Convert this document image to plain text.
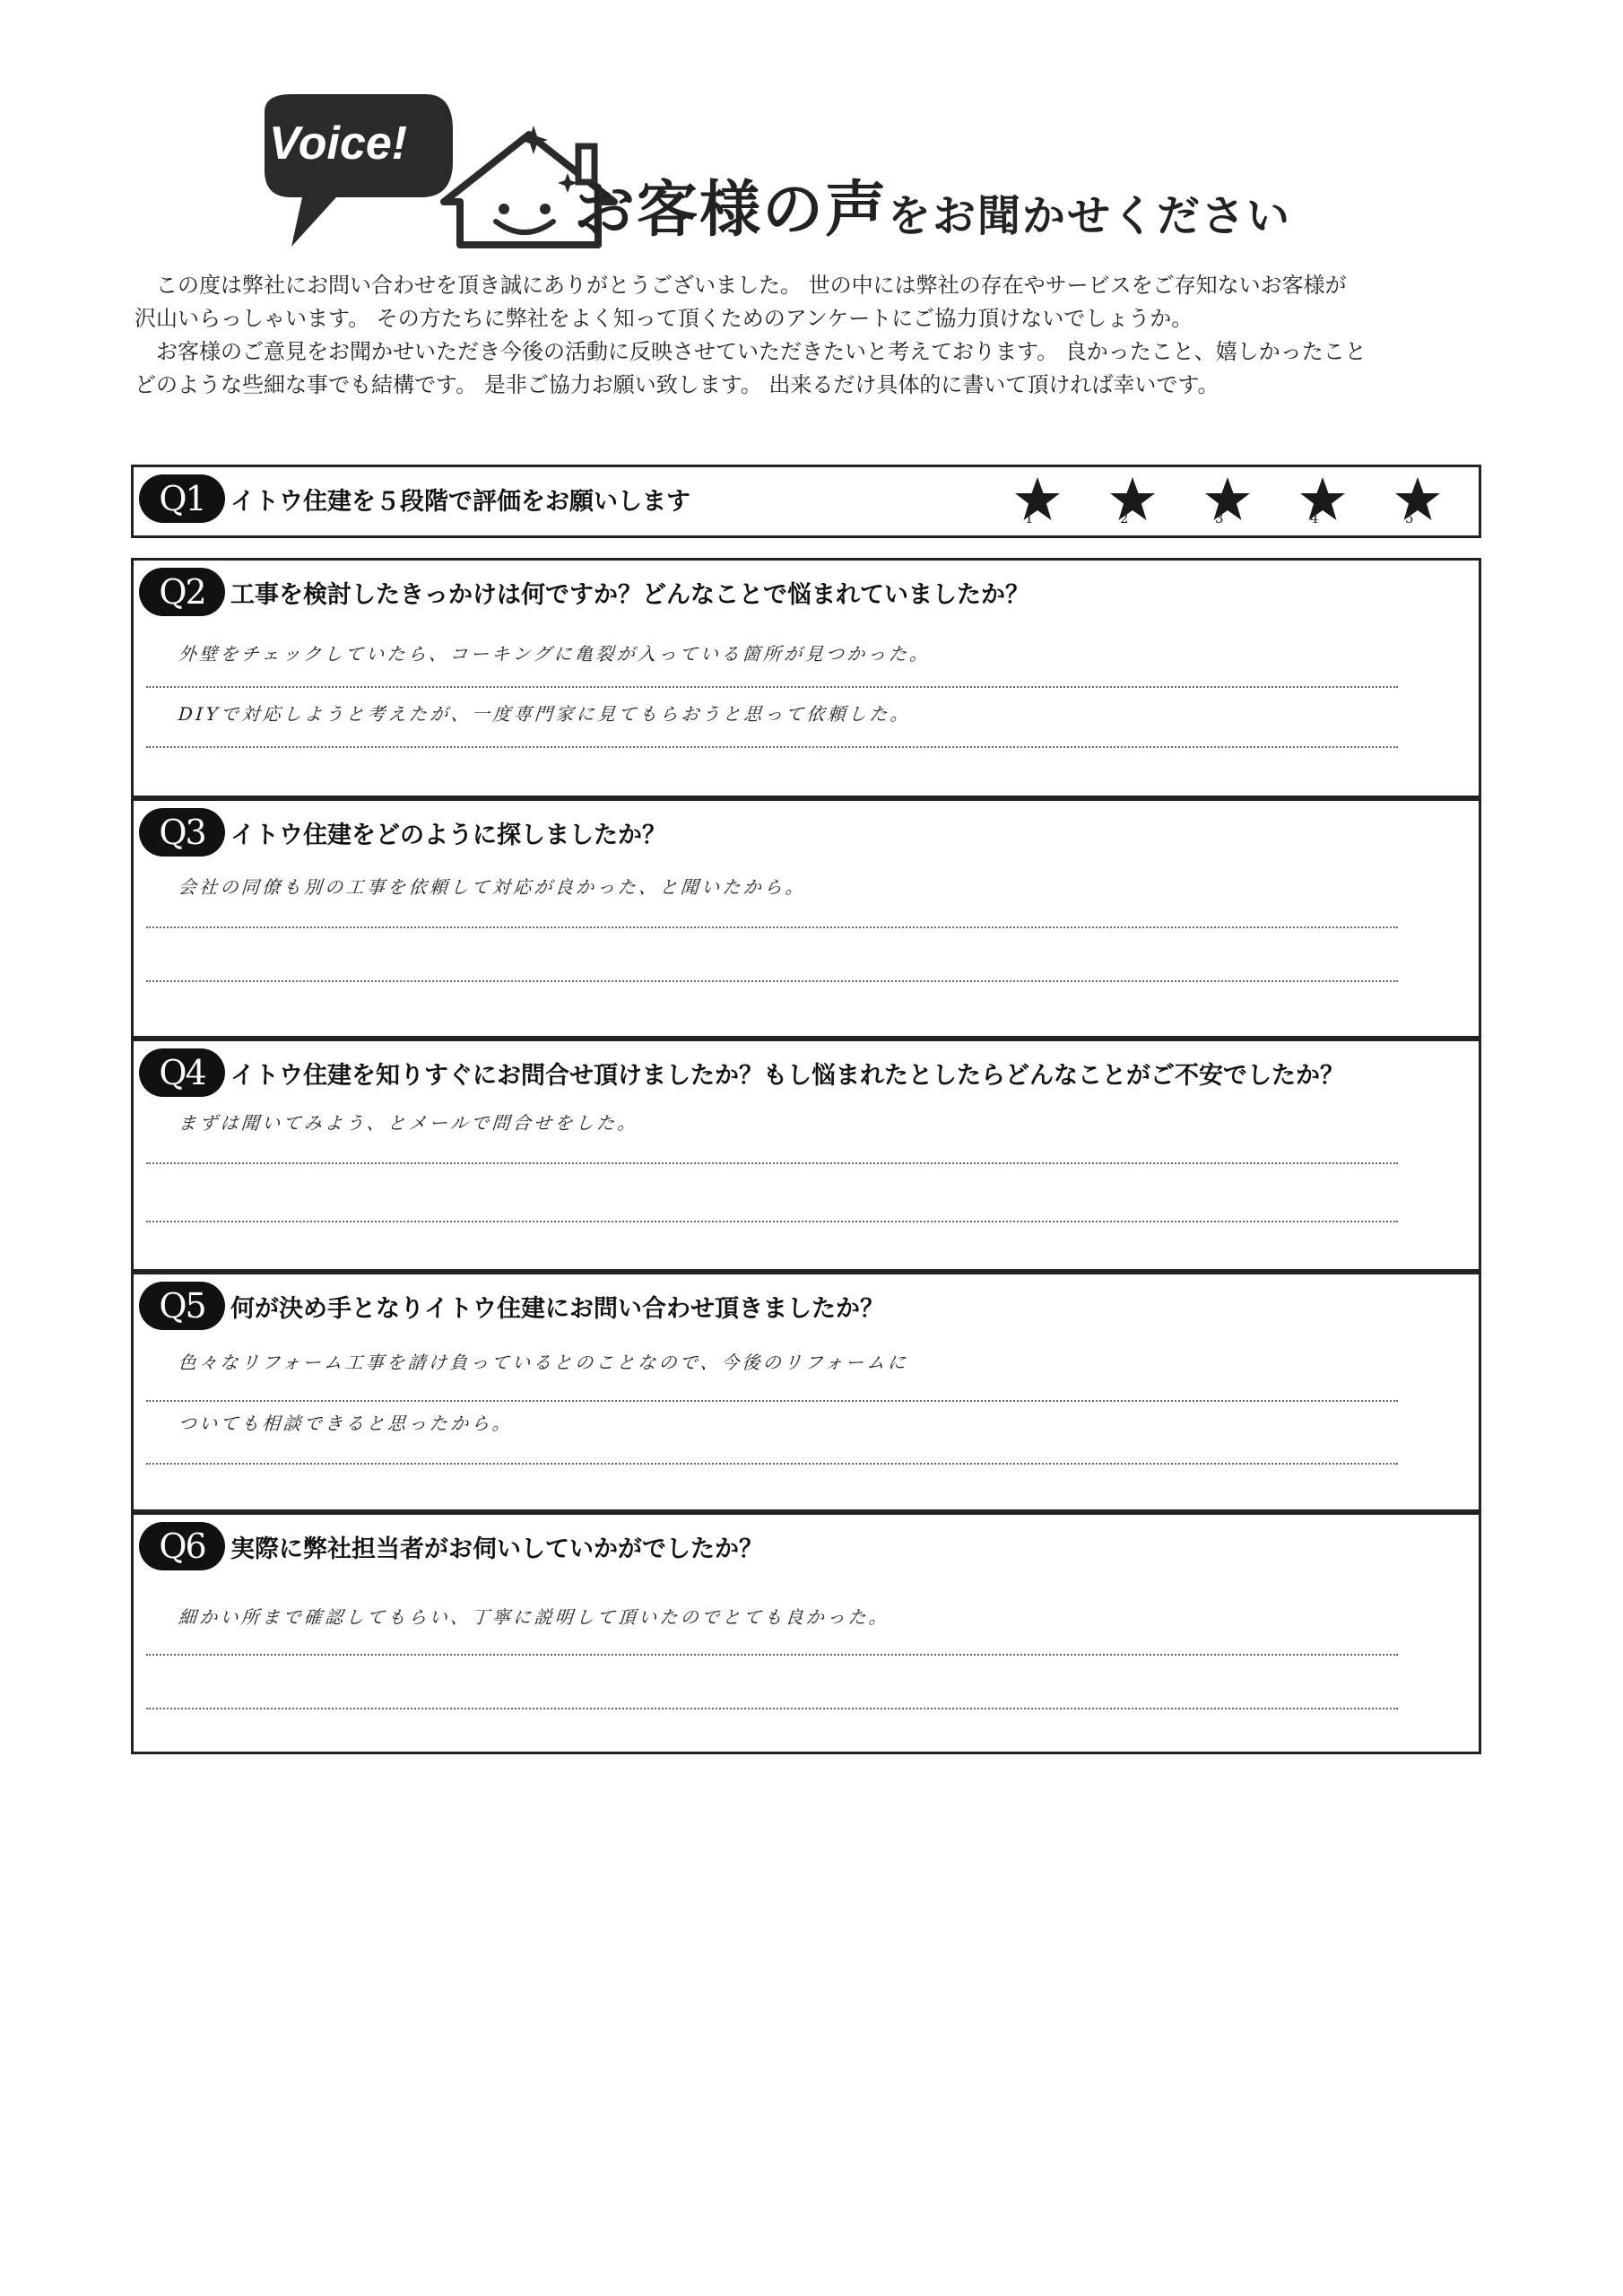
Voice!
お客様の声をお聞かせください

この度は弊社にお問い合わせを頂き誠にありがとうございました。 世の中には弊社の存在やサービスをご存知ないお客様が

沢山いらっしゃいます。 その方たちに弊社をよく知って頂くためのアンケートにご協力頂けないでしょうか。

お客様のご意見をお聞かせいただき今後の活動に反映させていただきたいと考えております。 良かったこと、嬉しかったこと

どのような些細な事でも結構です。 是非ご協力お願い致します。 出来るだけ具体的に書いて頂ければ幸いです。

Q1	イトウ住建を５段階で評価をお願いします
1	2	3	4	5
Q2	工事を検討したきっかけは何ですか？どんなことで悩まれていましたか？
外壁をチェックしていたら、コーキングに亀裂が入っている箇所が見つかった。
DIYで対応しようと考えたが、一度専門家に見てもらおうと思って依頼した。
Q3	イトウ住建をどのように探しましたか？
会社の同僚も別の工事を依頼して対応が良かった、と聞いたから。
Q4	イトウ住建を知りすぐにお問合せ頂けましたか？もし悩まれたとしたらどんなことがご不安でしたか？
まずは聞いてみよう、とメールで問合せをした。
Q5	何が決め手となりイトウ住建にお問い合わせ頂きましたか？
色々なリフォーム工事を請け負っているとのことなので、今後のリフォームに
ついても相談できると思ったから。
Q6	実際に弊社担当者がお伺いしていかがでしたか？
細かい所まで確認してもらい、丁寧に説明して頂いたのでとても良かった。
